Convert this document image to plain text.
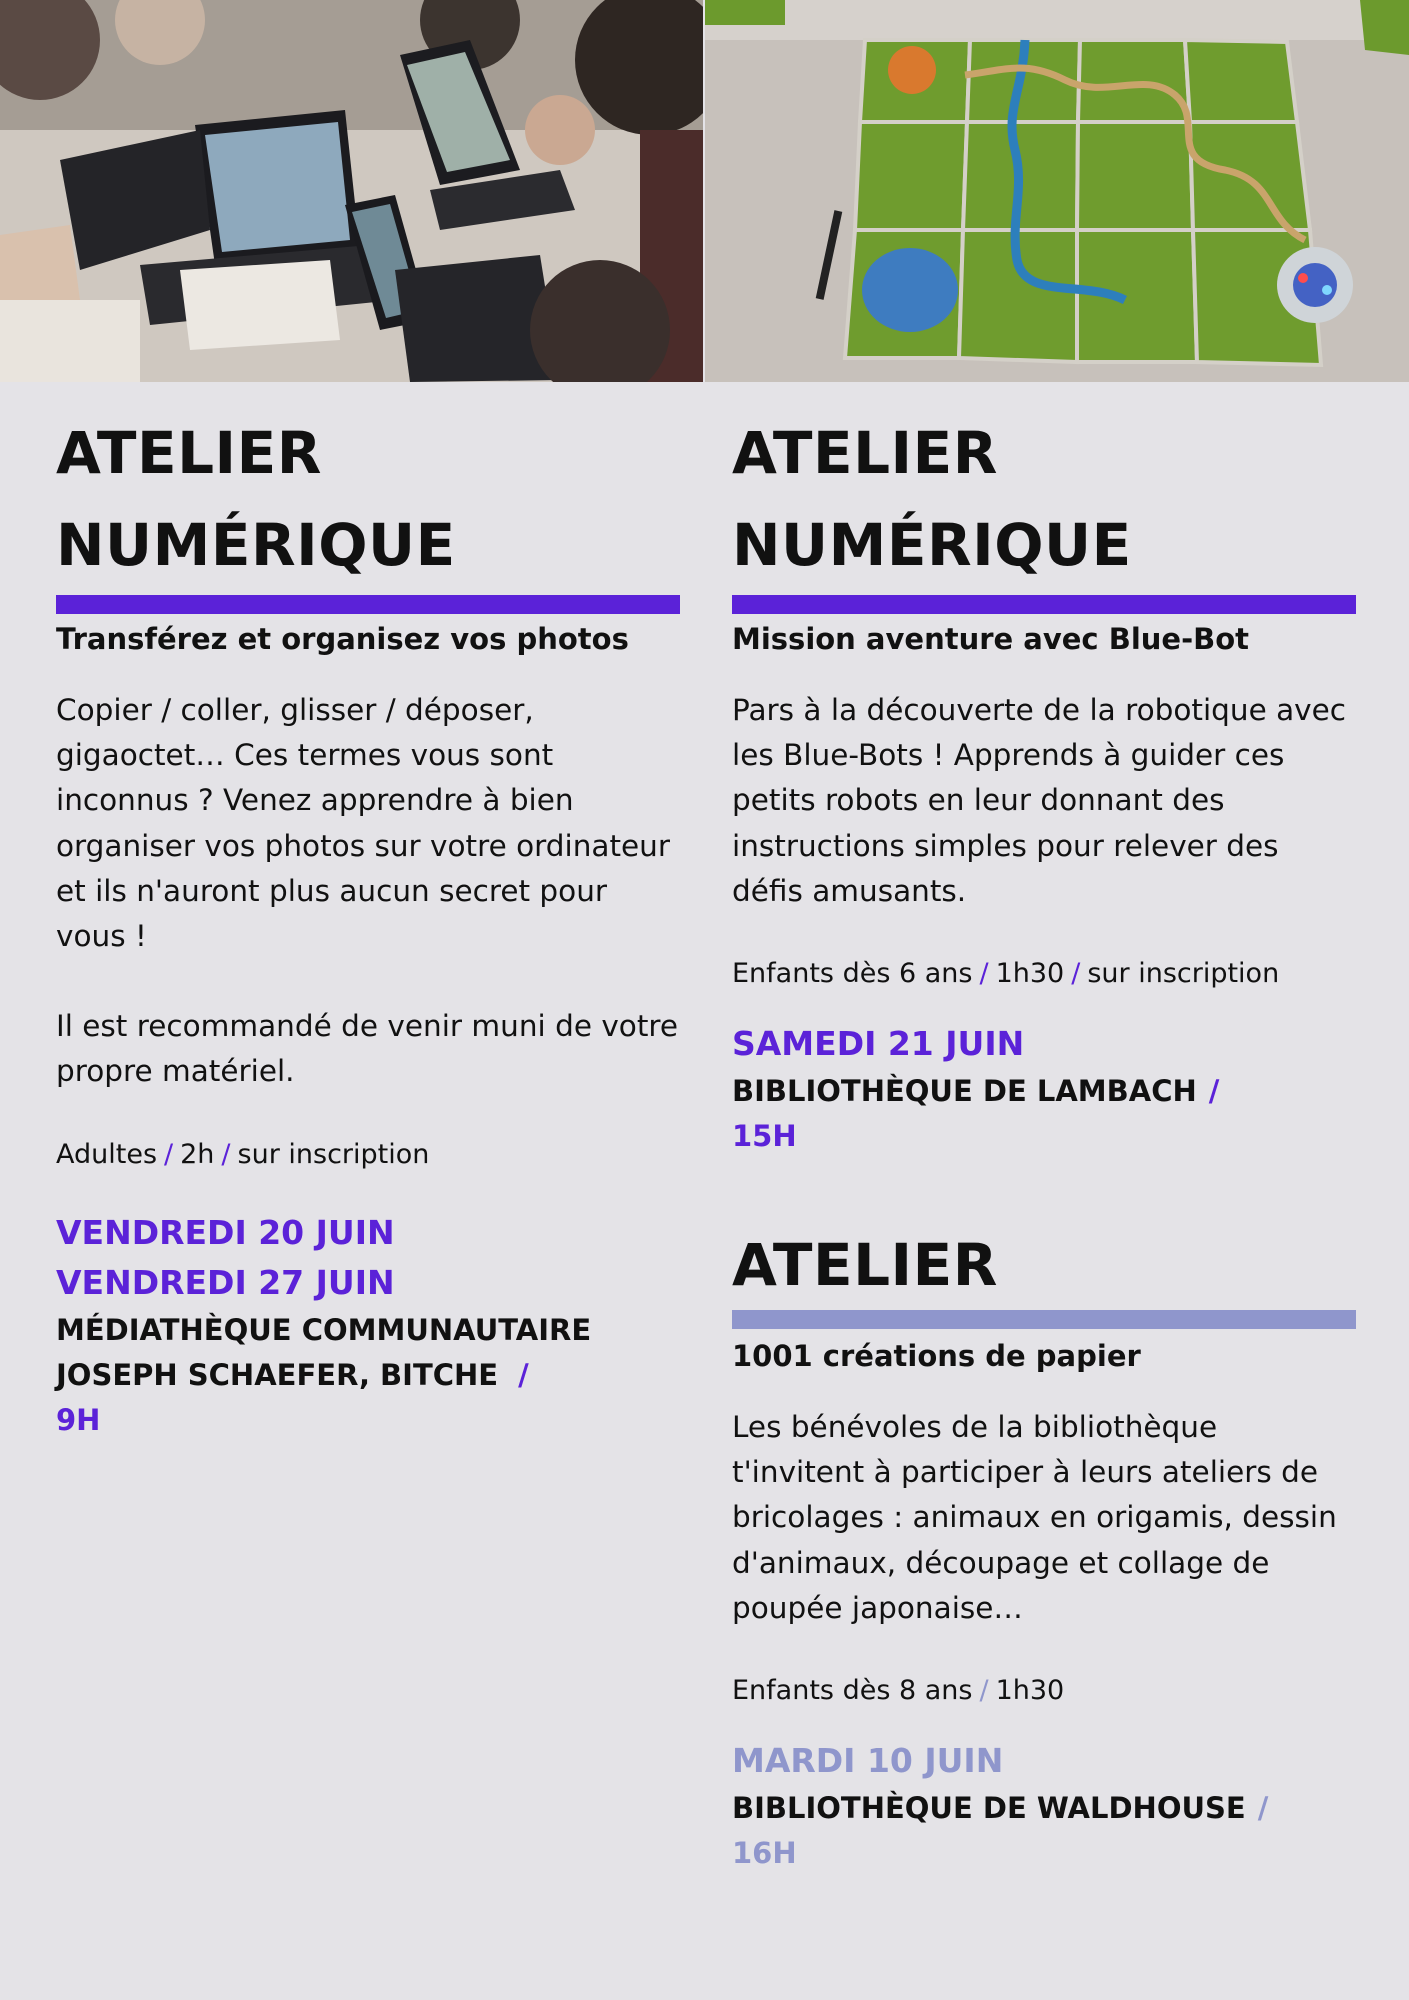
ATELIER NUMÉRIQUE
Transférez et organisez vos photos
Copier / coller, glisser / déposer, gigaoctet… Ces termes vous sont inconnus ? Venez apprendre à bien organiser vos photos sur votre ordinateur et ils n'auront plus aucun secret pour vous !
Il est recommandé de venir muni de votre propre matériel.
Adultes / 2h / sur inscription
VENDREDI 20 JUIN
VENDREDI 27 JUIN
MÉDIATHÈQUE COMMUNAUTAIRE JOSEPH SCHAEFER, BITCHE /
9H
ATELIER NUMÉRIQUE
Mission aventure avec Blue-Bot
Pars à la découverte de la robotique avec les Blue-Bots ! Apprends à guider ces petits robots en leur donnant des instructions simples pour relever des défis amusants.
Enfants dès 6 ans / 1h30 / sur inscription
SAMEDI 21 JUIN
BIBLIOTHÈQUE DE LAMBACH /
15H
ATELIER
1001 créations de papier
Les bénévoles de la bibliothèque t'invitent à participer à leurs ateliers de bricolages : animaux en origamis, dessin d'animaux, découpage et collage de poupée japonaise…
Enfants dès 8 ans / 1h30
MARDI 10 JUIN
BIBLIOTHÈQUE DE WALDHOUSE /
16H
